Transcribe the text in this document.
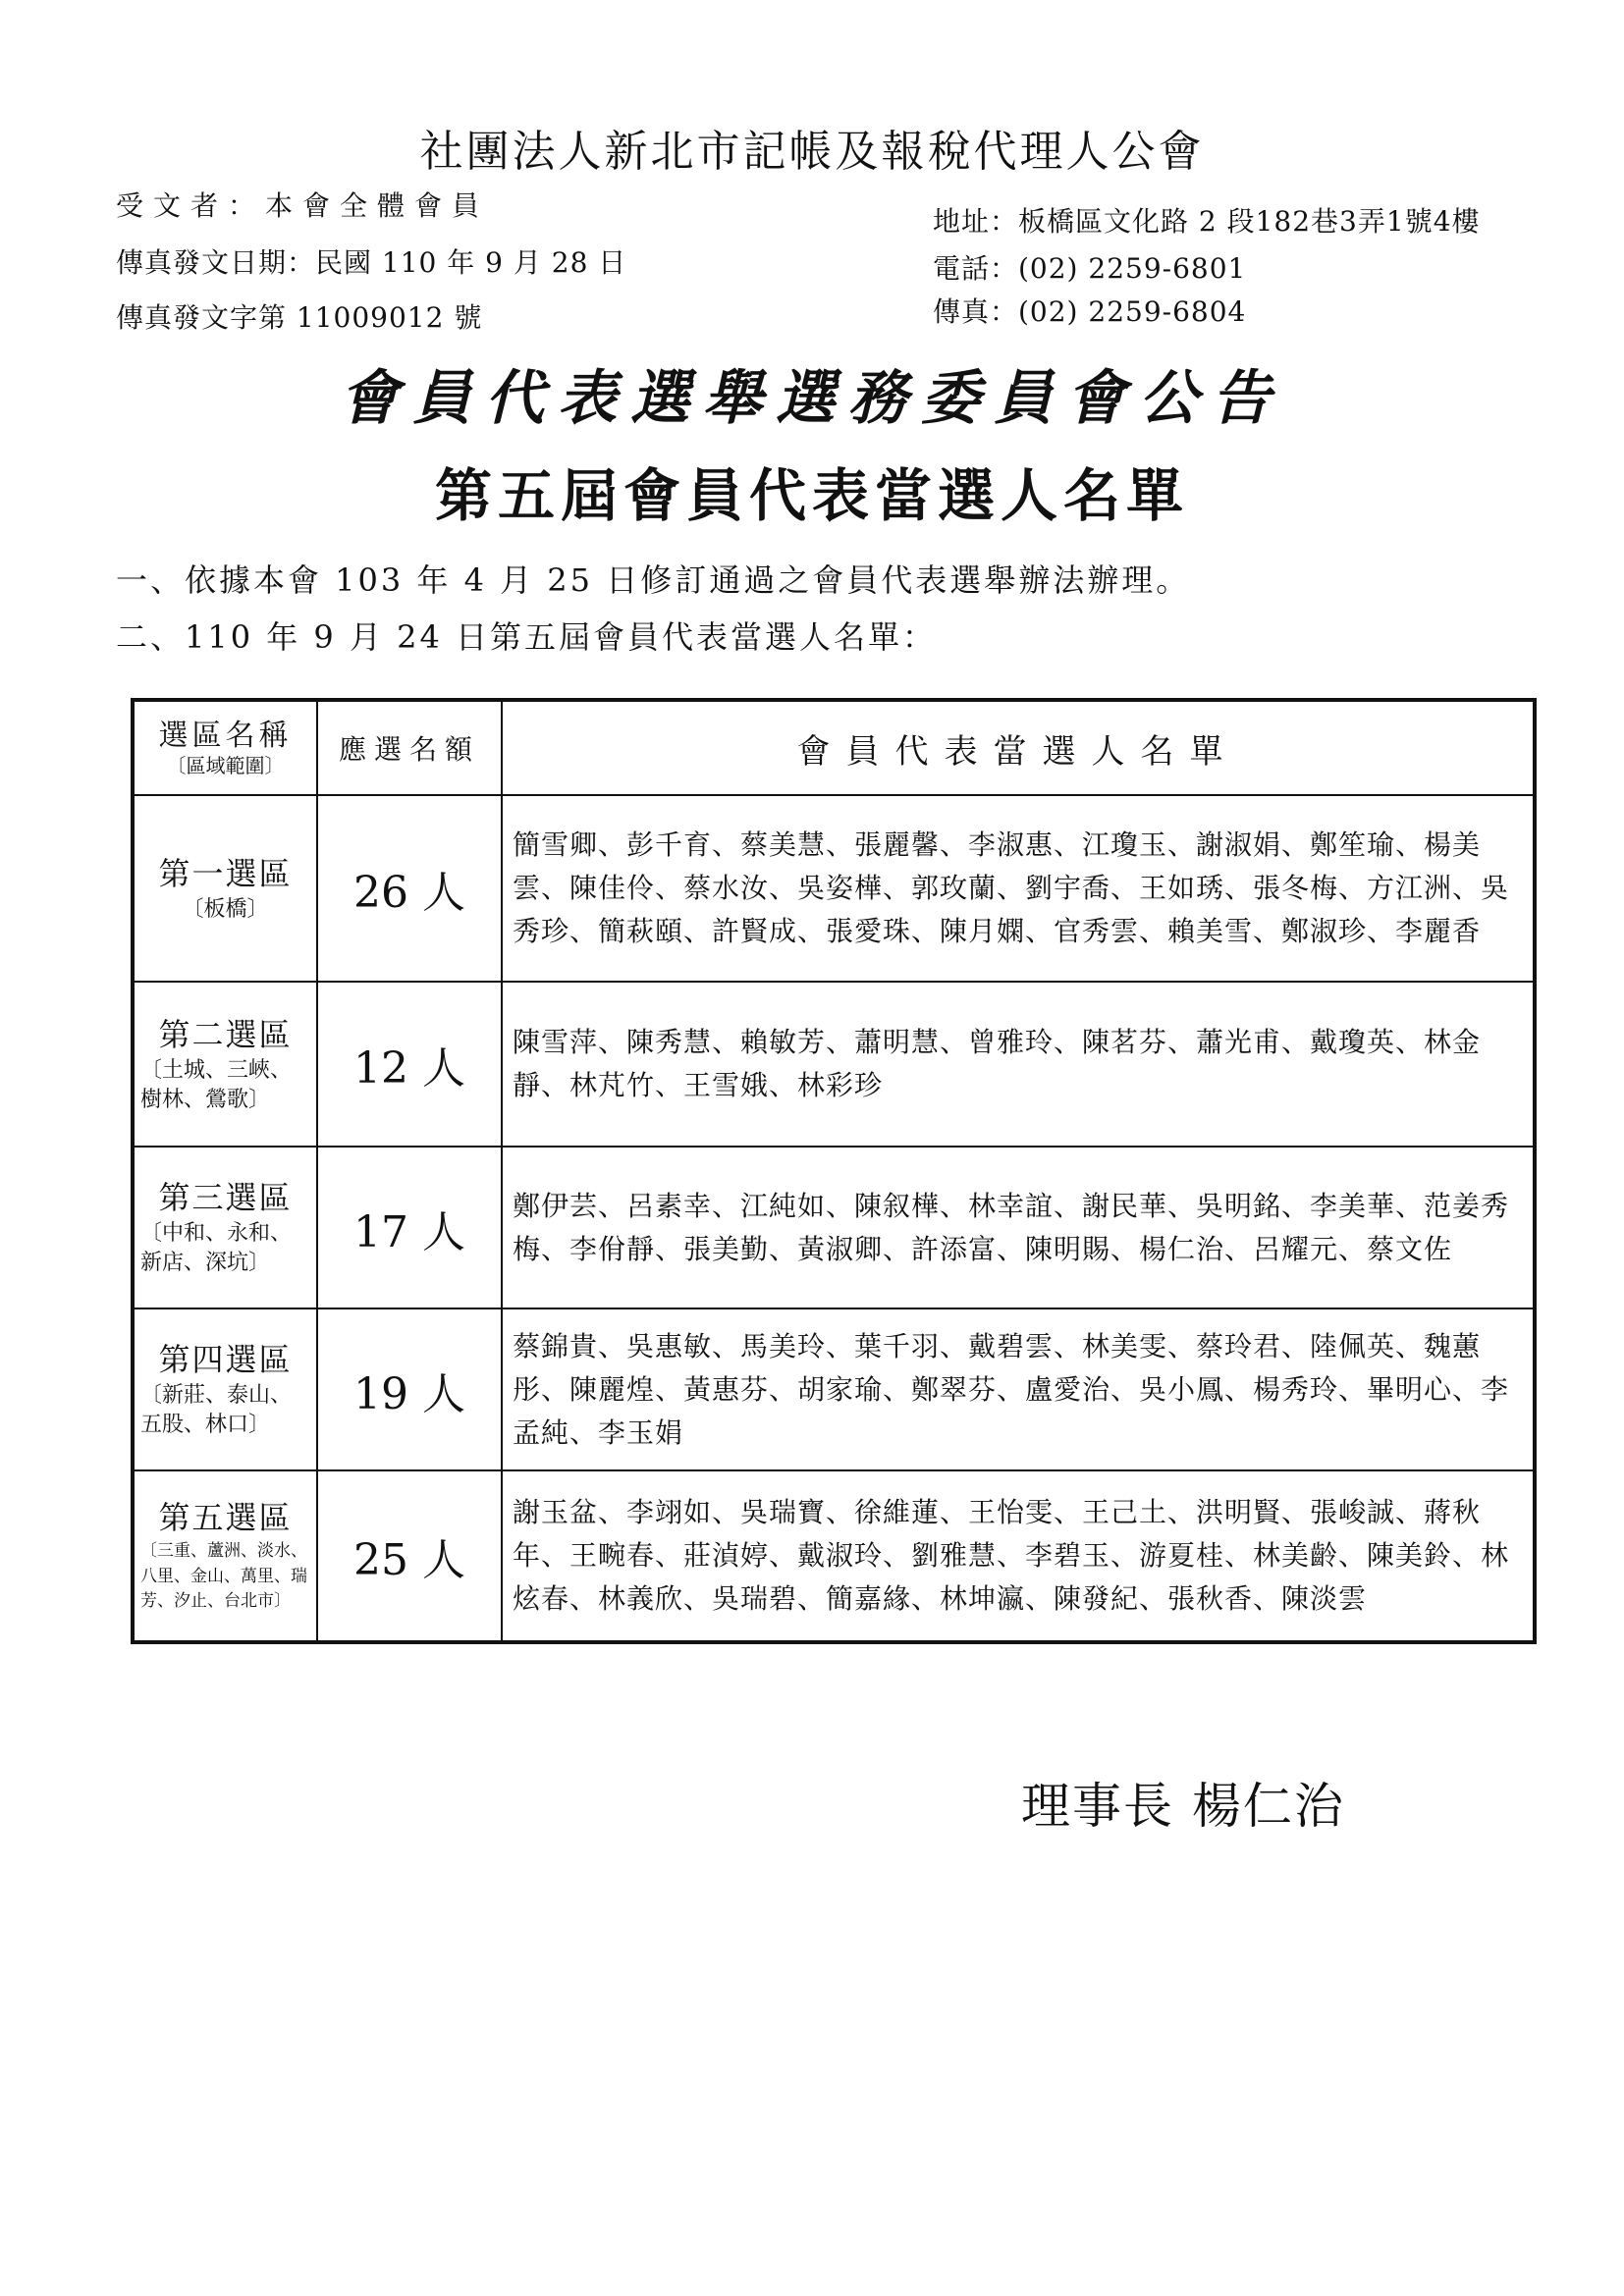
社團法人新北市記帳及報稅代理人公會
受文者：本會全體會員
傳真發文日期：民國 110 年 9 月 28 日
傳真發文字第 11009012 號
地址：板橋區文化路 2 段182巷3弄1號4樓
電話：(02) 2259-6801
傳真：(02) 2259-6804
會員代表選舉選務委員會公告
第五屆會員代表當選人名單
一、依據本會 103 年 4 月 25 日修訂通過之會員代表選舉辦法辦理。
二、110 年 9 月 24 日第五屆會員代表當選人名單：
選區名稱
〔區域範圍〕	應選名額	會員代表當選人名單

第一選區
〔板橋〕	26 人	簡雪卿、彭千育、蔡美慧、張麗馨、李淑惠、江瓊玉、謝淑娟、鄭笙瑜、楊美雲、陳佳伶、蔡水汝、吳姿樺、郭玫蘭、劉宇喬、王如琇、張冬梅、方江洲、吳秀珍、簡萩頤、許賢成、張愛珠、陳月嫻、官秀雲、賴美雪、鄭淑珍、李麗香

第二選區
〔土城、三峽、樹林、鶯歌〕	12 人	陳雪萍、陳秀慧、賴敏芳、蕭明慧、曾雅玲、陳茗芬、蕭光甫、戴瓊英、林金靜、林芃竹、王雪娥、林彩珍

第三選區
〔中和、永和、新店、深坑〕	17 人	鄭伊芸、呂素幸、江純如、陳叙樺、林幸誼、謝民華、吳明銘、李美華、范姜秀梅、李佾靜、張美勤、黃淑卿、許添富、陳明賜、楊仁治、呂耀元、蔡文佐

第四選區
〔新莊、泰山、五股、林口〕	19 人	蔡錦貴、吳惠敏、馬美玲、葉千羽、戴碧雲、林美雯、蔡玲君、陸佩英、魏蕙彤、陳麗煌、黃惠芬、胡家瑜、鄭翠芬、盧愛治、吳小鳳、楊秀玲、畢明心、李孟純、李玉娟

第五選區
〔三重、蘆洲、淡水、八里、金山、萬里、瑞芳、汐止、台北市〕	25 人	謝玉盆、李翊如、吳瑞寶、徐維蓮、王怡雯、王己土、洪明賢、張峻誠、蔣秋年、王畹春、莊湞婷、戴淑玲、劉雅慧、李碧玉、游夏桂、林美齡、陳美鈴、林炫春、林義欣、吳瑞碧、簡嘉緣、林坤瀛、陳發紀、張秋香、陳淡雲
理事長 楊仁治
